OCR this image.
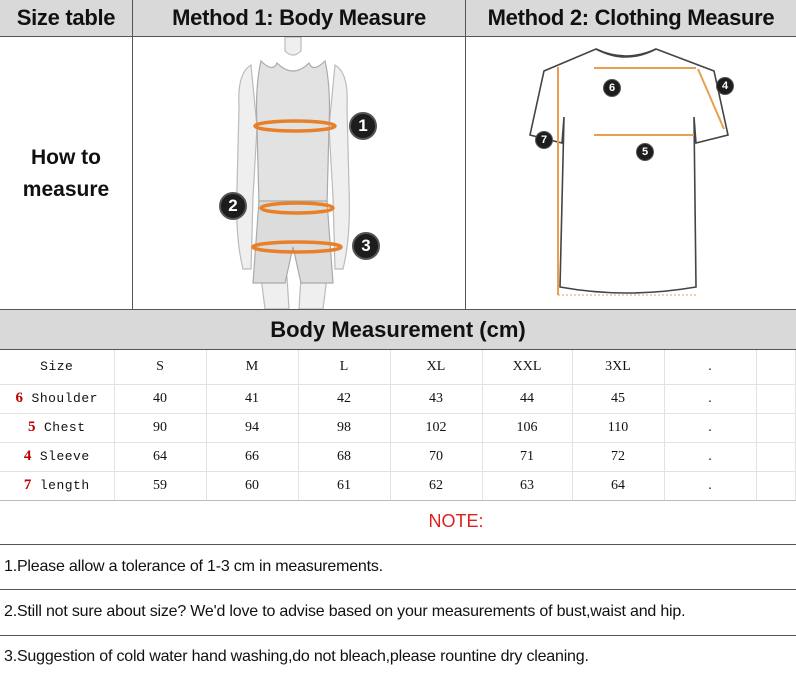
Size table	Method 1: Body Measure	Method 2: Clothing Measure
How to
measure
1
2
3
6	4
7
5
Body Measurement (cm)
Size	S	M	L	XL	XXL	3XL	.	
6 Shoulder	40	41	42	43	44	45	.	
5 Chest	90	94	98	102	106	110	.	
4 Sleeve	64	66	68	70	71	72	.	
7 length	59	60	61	62	63	64	.	
NOTE:
1.Please allow a tolerance of 1-3 cm in measurements.
2.Still not sure about size? We'd love to advise based on your measurements of bust,waist and hip.
3.Suggestion of cold water hand washing,do not bleach,please rountine dry cleaning.
